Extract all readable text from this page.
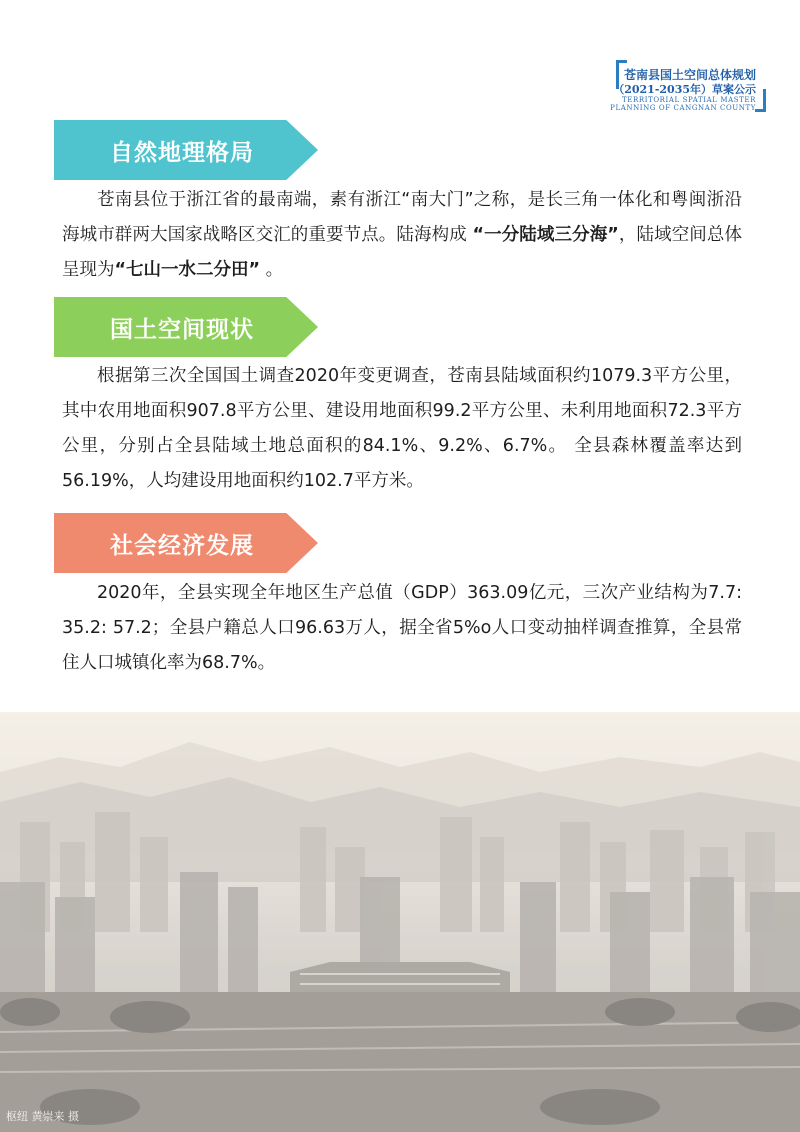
苍南县国土空间总体规划
（2021-2035年）草案公示
TERRITORIAL SPATIAL MASTER
PLANNING OF CANGNAN COUNTY
自然地理格局
苍南县位于浙江省的最南端，素有浙江“南大门”之称，是长三角一体化和粤闽浙沿海城市群两大国家战略区交汇的重要节点。陆海构成 “一分陆域三分海”，陆域空间总体呈现为“七山一水二分田” 。
国土空间现状
根据第三次全国国土调查2020年变更调查，苍南县陆域面积约1079.3平方公里，其中农用地面积907.8平方公里、建设用地面积99.2平方公里、未利用地面积72.3平方公里，分别占全县陆域土地总面积的84.1%、9.2%、6.7%。 全县森林覆盖率达到56.19%，人均建设用地面积约102.7平方米。
社会经济发展
2020年，全县实现全年地区生产总值（GDP）363.09亿元，三次产业结构为7.7: 35.2: 57.2；全县户籍总人口96.63万人，据全省5%o人口变动抽样调查推算，全县常住人口城镇化率为68.7%。
枢纽 黄崇来 摄
